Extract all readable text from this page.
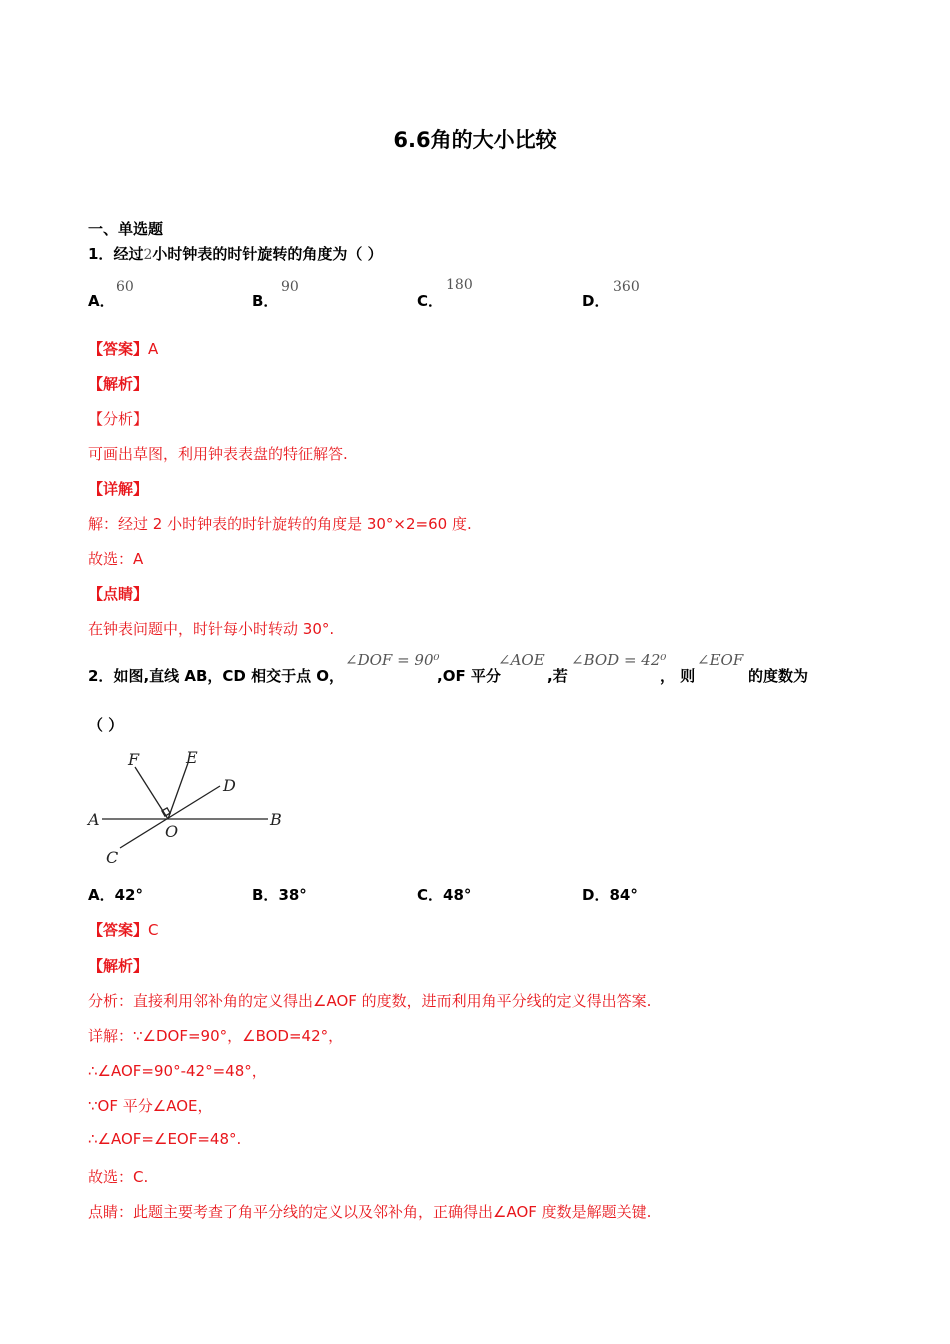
6.6角的大小比较
一、单选题
1．经过2小时钟表的时针旋转的角度为（ ）
A．
60
B．
90
C．
180
D．
360
【答案】A
【解析】
【分析】
可画出草图，利用钟表表盘的特征解答.
【详解】
解：经过 2 小时钟表的时针旋转的角度是 30°×2=60 度.
故选：A
【点睛】
在钟表问题中，时针每小时转动 30°.
2．如图,直线 AB，CD 相交于点 O，
∠DOF = 90⁰
,OF 平分
∠AOE
,若
∠BOD = 42⁰
， 则
∠EOF
的度数为
（ ）
F	E
D
A
O
B
C
A．42°	B．38°	C．48°	D．84°
【答案】C
【解析】
分析：直接利用邻补角的定义得出∠AOF 的度数，进而利用角平分线的定义得出答案.
详解：∵∠DOF=90°，∠BOD=42°，
∴∠AOF=90°-42°=48°，
∵OF 平分∠AOE，
∴∠AOF=∠EOF=48°.
故选：C.
点睛：此题主要考查了角平分线的定义以及邻补角，正确得出∠AOF 度数是解题关键.
